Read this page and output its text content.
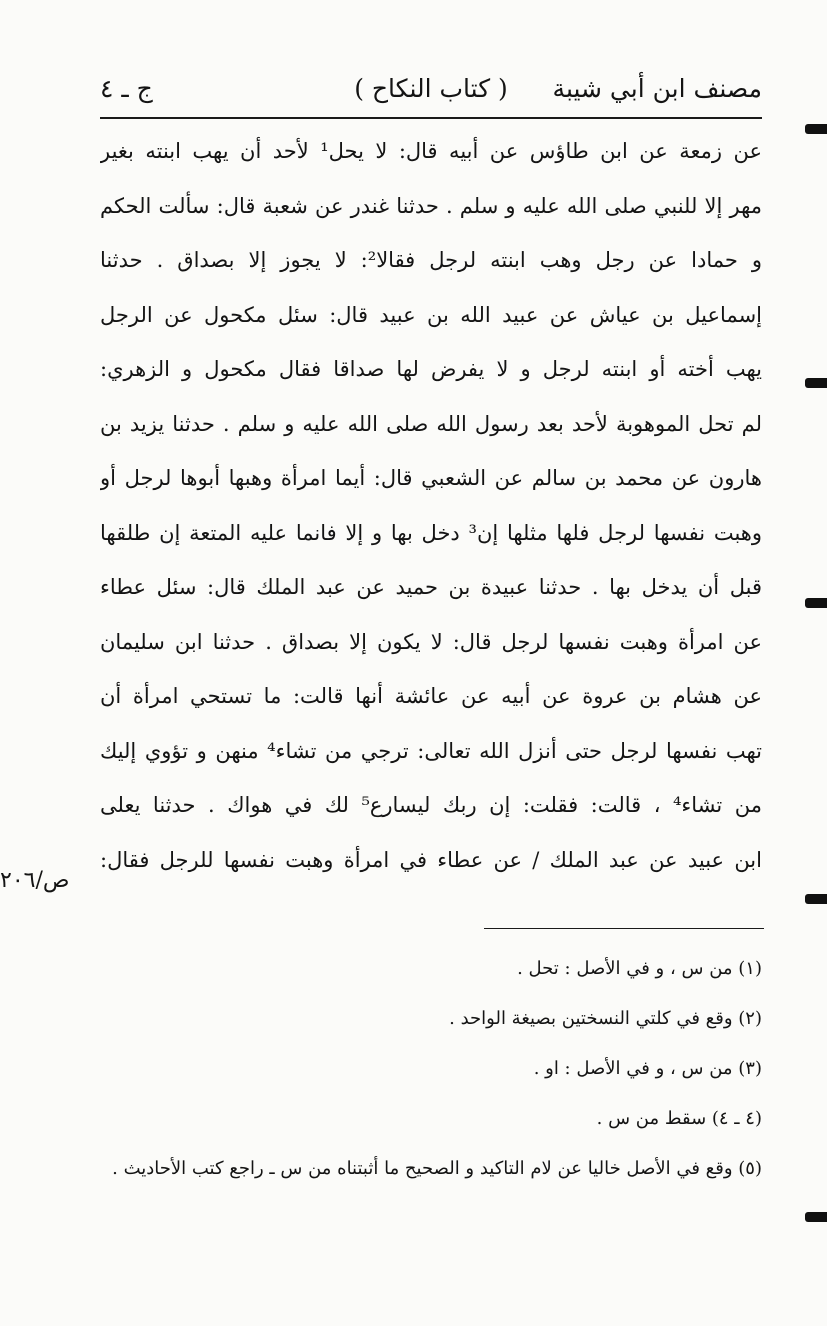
مصنف ابن أبي شيبة
( كتاب النكاح )
ج ـ ٤
عن زمعة عن ابن طاؤس عن أبيه قال: لا يحل¹ لأحد أن يهب ابنته بغير
مهر إلا للنبي صلى الله عليه و سلم . حدثنا غندر عن شعبة قال: سألت الحكم
و حمادا عن رجل وهب ابنته لرجل فقالا²: لا يجوز إلا بصداق . حدثنا
إسماعيل بن عياش عن عبيد الله بن عبيد قال: سئل مكحول عن الرجل
يهب أخته أو ابنته لرجل و لا يفرض لها صداقا فقال مكحول و الزهري:
لم تحل الموهوبة لأحد بعد رسول الله صلى الله عليه و سلم . حدثنا يزيد بن
هارون عن محمد بن سالم عن الشعبي قال: أيما امرأة وهبها أبوها لرجل أو
وهبت نفسها لرجل فلها مثلها إن³ دخل بها و إلا فانما عليه المتعة إن طلقها
قبل أن يدخل بها . حدثنا عبيدة بن حميد عن عبد الملك قال: سئل عطاء
عن امرأة وهبت نفسها لرجل قال: لا يكون إلا بصداق . حدثنا ابن سليمان
عن هشام بن عروة عن أبيه عن عائشة أنها قالت: ما تستحي امرأة أن
تهب نفسها لرجل حتى أنزل الله تعالى: ترجي من تشاء⁴ منهن و تؤوي إليك
من تشاء⁴ ، قالت: فقلت: إن ربك ليسارع⁵ لك في هواك . حدثنا يعلى
ابن عبيد عن عبد الملك / عن عطاء في امرأة وهبت نفسها للرجل فقال:
ص/٢٠٦
(١) من س ، و في الأصل : تحل .
(٢) وقع في كلتي النسختين بصيغة الواحد .
(٣) من س ، و في الأصل : او .
(٤ ـ ٤) سقط من س .
(٥) وقع في الأصل خاليا عن لام التاكيد و الصحيح ما أثبتناه من س ـ راجع كتب الأحاديث .
